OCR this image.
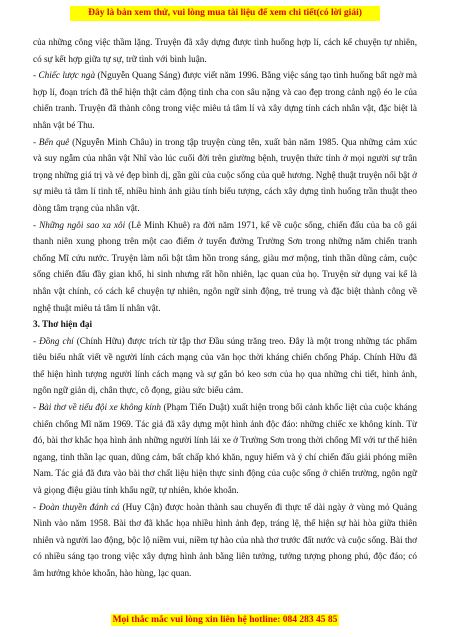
Đây là bản xem thử, vui lòng mua tài liệu để xem chi tiết(có lời giải)

của những công việc thầm lặng. Truyện đã xây dựng được tình huống hợp lí, cách kể chuyện tự nhiên, có sự kết hợp giữa tự sự, trữ tình với bình luận.

- Chiếc lược ngà (Nguyễn Quang Sáng) được viết năm 1996. Bằng việc sáng tạo tình huống bất ngờ mà hợp lí, đoạn trích đã thể hiện thật cảm động tình cha con sâu nặng và cao đẹp trong cảnh ngộ éo le của chiến tranh. Truyện đã thành công trong việc miêu tả tâm lí và xây dựng tính cách nhân vật, đặc biệt là nhân vật bé Thu.

- Bến quê (Nguyễn Minh Châu) in trong tập truyện cùng tên, xuất bản năm 1985. Qua những cảm xúc và suy ngẫm của nhân vật Nhĩ vào lúc cuối đời trên giường bệnh, truyện thức tỉnh ở mọi người sự trân trọng những giá trị và vẻ đẹp bình dị, gần gũi của cuộc sống của quê hương. Nghệ thuật truyện nổi bật ở sự miêu tả tâm lí tinh tế, nhiều hình ảnh giàu tính biểu tượng, cách xây dựng tình huống trần thuật theo dòng tâm trạng của nhân vật.

- Những ngôi sao xa xôi (Lê Minh Khuê) ra đời năm 1971, kể về cuộc sống, chiến đấu của ba cô gái thanh niên xung phong trên một cao điểm ở tuyến đường Trường Sơn trong những năm chiến tranh chống Mĩ cứu nước. Truyện làm nổi bật tâm hồn trong sáng, giàu mơ mộng, tinh thần dũng cảm, cuộc sống chiến đấu đầy gian khổ, hi sinh nhưng rất hồn nhiên, lạc quan của họ. Truyện sử dụng vai kể là nhân vật chính, có cách kể chuyện tự nhiên, ngôn ngữ sinh động, trẻ trung và đặc biệt thành công về nghệ thuật miêu tả tâm lí nhân vật.

3. Thơ hiện đại

- Đồng chí (Chính Hữu) được trích từ tập thơ Đầu súng trăng treo. Đây là một trong những tác phẩm tiêu biểu nhất viết về người lính cách mạng của văn học thời kháng chiến chống Pháp. Chính Hữu đã thể hiện hình tượng người lính cách mạng và sự gắn bó keo sơn của họ qua những chi tiết, hình ảnh, ngôn ngữ giản dị, chân thực, cô đọng, giàu sức biểu cảm.

- Bài thơ về tiểu đội xe không kính (Phạm Tiến Duật) xuất hiện trong bối cảnh khốc liệt của cuộc kháng chiến chống Mĩ năm 1969. Tác giả đã xây dựng một hình ảnh độc đáo: những chiếc xe không kính. Từ đó, bài thơ khắc họa hình ảnh những người lính lái xe ở Trường Sơn trong thời chống Mĩ với tư thế hiên ngang, tinh thần lạc quan, dũng cảm, bất chấp khó khăn, nguy hiểm và ý chí chiến đấu giải phóng miền Nam. Tác giả đã đưa vào bài thơ chất liệu hiện thực sinh động của cuộc sống ở chiến trường, ngôn ngữ và giọng điệu giàu tính khẩu ngữ, tự nhiên, khỏe khoắn.

- Đoàn thuyền đánh cá (Huy Cận) được hoàn thành sau chuyến đi thực tế dài ngày ở vùng mỏ Quảng Ninh vào năm 1958. Bài thơ đã khắc họa nhiều hình ảnh đẹp, tráng lệ, thể hiện sự hài hòa giữa thiên nhiên và người lao động, bộc lộ niềm vui, niềm tự hào của nhà thơ trước đất nước và cuộc sống. Bài thơ có nhiều sáng tạo trong việc xây dựng hình ảnh bằng liên tưởng, tưởng tượng phong phú, độc đáo; có âm hưởng khỏe khoắn, hào hùng, lạc quan.

Mọi thắc mắc vui lòng xin liên hệ hotline: 084 283 45 85
